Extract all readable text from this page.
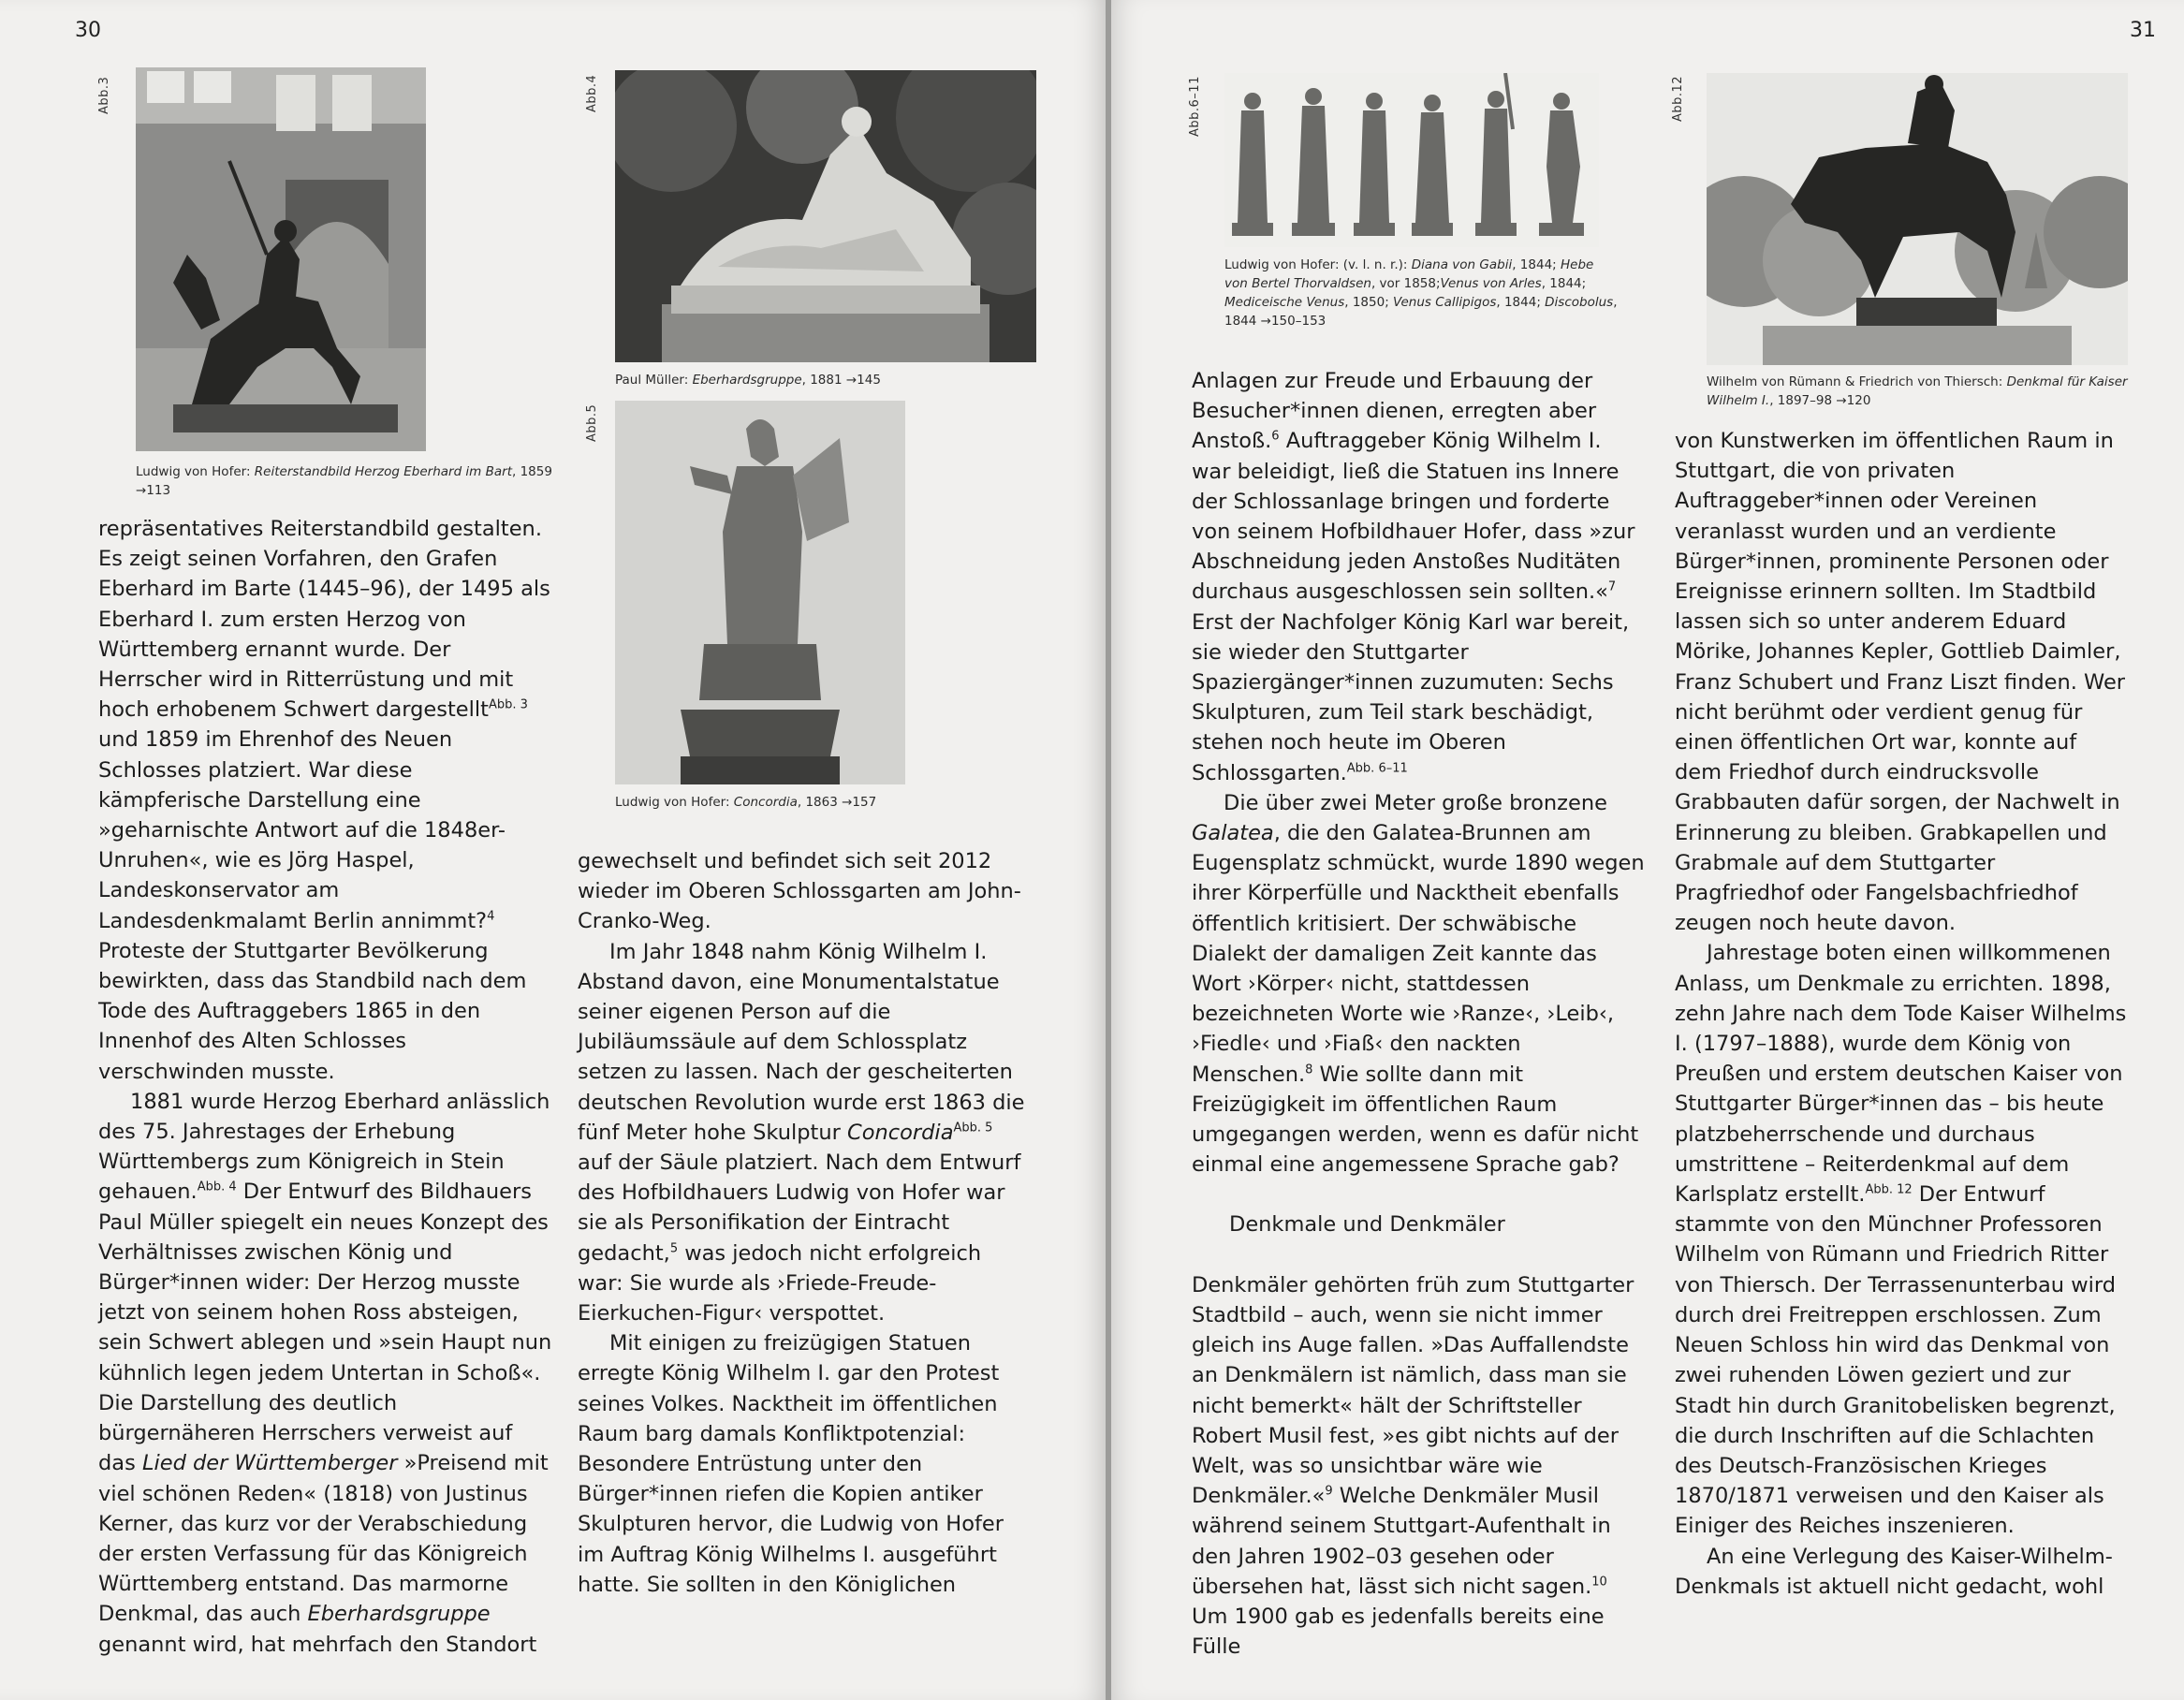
30
Abb.3
Ludwig von Hofer: Reiterstandbild Herzog Eberhard im Bart, 1859 →113
Abb.4
Paul Müller: Eberhardsgruppe, 1881 →145
Abb.5
Ludwig von Hofer: Concordia, 1863 →157

repräsentatives Reiterstandbild gestalten. Es zeigt seinen Vorfahren, den Grafen Eberhard im Barte (1445–96), der 1495 als Eberhard I. zum ersten Herzog von Württemberg ernannt wurde. Der Herrscher wird in Ritterrüstung und mit hoch erhobenem Schwert dargestellt$^{Abb. 3}$ und 1859 im Ehrenhof des Neuen Schlosses platziert. War diese kämpferische Darstellung eine »geharnischte Antwort auf die 1848er-Unruhen«, wie es Jörg Haspel, Landeskonservator am Landesdenkmalamt Berlin annimmt?$^4$ Proteste der Stuttgarter Bevölkerung bewirkten, dass das Standbild nach dem Tode des Auftraggebers 1865 in den Innenhof des Alten Schlosses verschwinden musste.

1881 wurde Herzog Eberhard anlässlich des 75. Jahrestages der Erhebung Württembergs zum Königreich in Stein gehauen.$^{Abb. 4}$ Der Entwurf des Bildhauers Paul Müller spiegelt ein neues Konzept des Verhältnisses zwischen König und Bürger*innen wider: Der Herzog musste jetzt von seinem hohen Ross absteigen, sein Schwert ablegen und »sein Haupt nun kühnlich legen jedem Untertan in Schoß«. Die Darstellung des deutlich bürgernäheren Herrschers verweist auf das Lied der Württemberger »Preisend mit viel schönen Reden« (1818) von Justinus Kerner, das kurz vor der Verabschiedung der ersten Verfassung für das Königreich Württemberg entstand. Das marmorne Denkmal, das auch Eberhardsgruppe genannt wird, hat mehrfach den Standort

gewechselt und befindet sich seit 2012 wieder im Oberen Schlossgarten am John-Cranko-Weg.

Im Jahr 1848 nahm König Wilhelm I. Abstand davon, eine Monumentalstatue seiner eigenen Person auf die Jubiläumssäule auf dem Schlossplatz setzen zu lassen. Nach der gescheiterten deutschen Revolution wurde erst 1863 die fünf Meter hohe Skulptur Concordia$^{Abb. 5}$ auf der Säule platziert. Nach dem Entwurf des Hofbildhauers Ludwig von Hofer war sie als Personifikation der Eintracht gedacht,$^5$ was jedoch nicht erfolgreich war: Sie wurde als ›Friede-Freude-Eierkuchen-Figur‹ verspottet.

Mit einigen zu freizügigen Statuen erregte König Wilhelm I. gar den Protest seines Volkes. Nacktheit im öffentlichen Raum barg damals Konfliktpotenzial: Besondere Entrüstung unter den Bürger*innen riefen die Kopien antiker Skulpturen hervor, die Ludwig von Hofer im Auftrag König Wilhelms I. ausgeführt hatte. Sie sollten in den Königlichen

31
Abb.6–11
Ludwig von Hofer: (v. l. n. r.): Diana von Gabii, 1844; Hebe von Bertel Thorvaldsen, vor 1858;Venus von Arles, 1844; Mediceische Venus, 1850; Venus Callipigos, 1844; Discobolus, 1844 →150–153
Abb.12
Wilhelm von Rümann & Friedrich von Thiersch: Denkmal für Kaiser Wilhelm I., 1897–98 →120

Anlagen zur Freude und Erbauung der Besucher*innen dienen, erregten aber Anstoß.$^6$ Auftraggeber König Wilhelm I. war beleidigt, ließ die Statuen ins Innere der Schlossanlage bringen und forderte von seinem Hofbildhauer Hofer, dass »zur Abschneidung jeden Anstoßes Nuditäten durchaus ausgeschlossen sein sollten.«$^7$ Erst der Nachfolger König Karl war bereit, sie wieder den Stuttgarter Spaziergänger*innen zuzumuten: Sechs Skulpturen, zum Teil stark beschädigt, stehen noch heute im Oberen Schlossgarten.$^{Abb. 6-11}$

Die über zwei Meter große bronzene Galatea, die den Galatea-Brunnen am Eugensplatz schmückt, wurde 1890 wegen ihrer Körperfülle und Nacktheit ebenfalls öffentlich kritisiert. Der schwäbische Dialekt der damaligen Zeit kannte das Wort ›Körper‹ nicht, stattdessen bezeichneten Worte wie ›Ranze‹, ›Leib‹, ›Fiedle‹ und ›Fiaß‹ den nackten Menschen.$^8$ Wie sollte dann mit Freizügigkeit im öffentlichen Raum umgegangen werden, wenn es dafür nicht einmal eine angemessene Sprache gab?

Denkmale und Denkmäler

Denkmäler gehörten früh zum Stuttgarter Stadtbild – auch, wenn sie nicht immer gleich ins Auge fallen. »Das Auffallendste an Denkmälern ist nämlich, dass man sie nicht bemerkt« hält der Schriftsteller Robert Musil fest, »es gibt nichts auf der Welt, was so unsichtbar wäre wie Denkmäler.«$^9$ Welche Denkmäler Musil während seinem Stuttgart-Aufenthalt in den Jahren 1902–03 gesehen oder übersehen hat, lässt sich nicht sagen.$^{10}$ Um 1900 gab es jedenfalls bereits eine Fülle

von Kunstwerken im öffentlichen Raum in Stuttgart, die von privaten Auftraggeber*innen oder Vereinen veranlasst wurden und an verdiente Bürger*innen, prominente Personen oder Ereignisse erinnern sollten. Im Stadtbild lassen sich so unter anderem Eduard Mörike, Johannes Kepler, Gottlieb Daimler, Franz Schubert und Franz Liszt finden. Wer nicht berühmt oder verdient genug für einen öffentlichen Ort war, konnte auf dem Friedhof durch eindrucksvolle Grabbauten dafür sorgen, der Nachwelt in Erinnerung zu bleiben. Grabkapellen und Grabmale auf dem Stuttgarter Pragfriedhof oder Fangelsbachfriedhof zeugen noch heute davon.

Jahrestage boten einen willkommenen Anlass, um Denkmale zu errichten. 1898, zehn Jahre nach dem Tode Kaiser Wilhelms I. (1797–1888), wurde dem König von Preußen und erstem deutschen Kaiser von Stuttgarter Bürger*innen das – bis heute platzbeherrschende und durchaus umstrittene – Reiterdenkmal auf dem Karlsplatz erstellt.$^{Abb. 12}$ Der Entwurf stammte von den Münchner Professoren Wilhelm von Rümann und Friedrich Ritter von Thiersch. Der Terrassenunterbau wird durch drei Freitreppen erschlossen. Zum Neuen Schloss hin wird das Denkmal von zwei ruhenden Löwen geziert und zur Stadt hin durch Granitobelisken begrenzt, die durch Inschriften auf die Schlachten des Deutsch-Französischen Krieges 1870/1871 verweisen und den Kaiser als Einiger des Reiches inszenieren.

An eine Verlegung des Kaiser-Wilhelm-Denkmals ist aktuell nicht gedacht, wohl
